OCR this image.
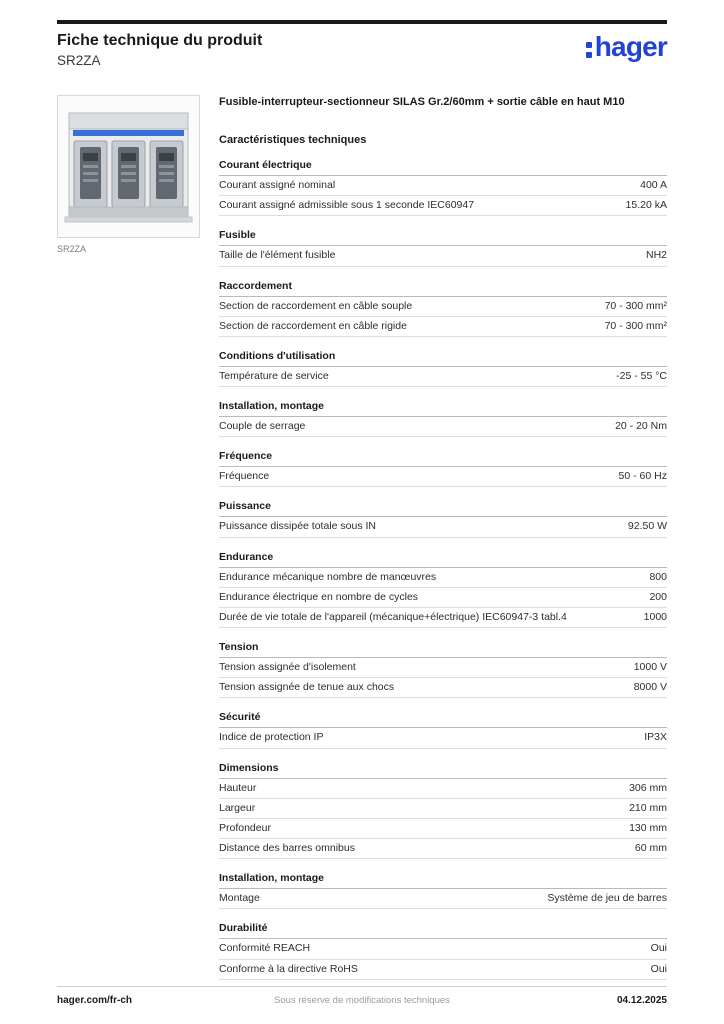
Fiche technique du produit
SR2ZA	hager
SR2ZA
Fusible-interrupteur-sectionneur SILAS Gr.2/60mm + sortie câble en haut M10
Caractéristiques techniques
Courant électrique
Courant assigné nominal	400 A
Courant assigné admissible sous 1 seconde IEC60947	15.20 kA
Fusible
Taille de l'élément fusible	NH2
Raccordement
Section de raccordement en câble souple	70 - 300 mm²
Section de raccordement en câble rigide	70 - 300 mm²
Conditions d'utilisation
Température de service	-25 - 55 °C
Installation, montage
Couple de serrage	20 - 20 Nm
Fréquence
Fréquence	50 - 60 Hz
Puissance
Puissance dissipée totale sous IN	92.50 W
Endurance
Endurance mécanique nombre de manœuvres	800
Endurance électrique en nombre de cycles	200
Durée de vie totale de l'appareil (mécanique+électrique) IEC60947-3 tabl.4	1000
Tension
Tension assignée d'isolement	1000 V
Tension assignée de tenue aux chocs	8000 V
Sécurité
Indice de protection IP	IP3X
Dimensions
Hauteur	306 mm
Largeur	210 mm
Profondeur	130 mm
Distance des barres omnibus	60 mm
Installation, montage
Montage	Système de jeu de barres
Durabilité
Conformité REACH	Oui
Conforme à la directive RoHS	Oui
hager.com/fr-ch	Sous réserve de modifications techniques	04.12.2025
